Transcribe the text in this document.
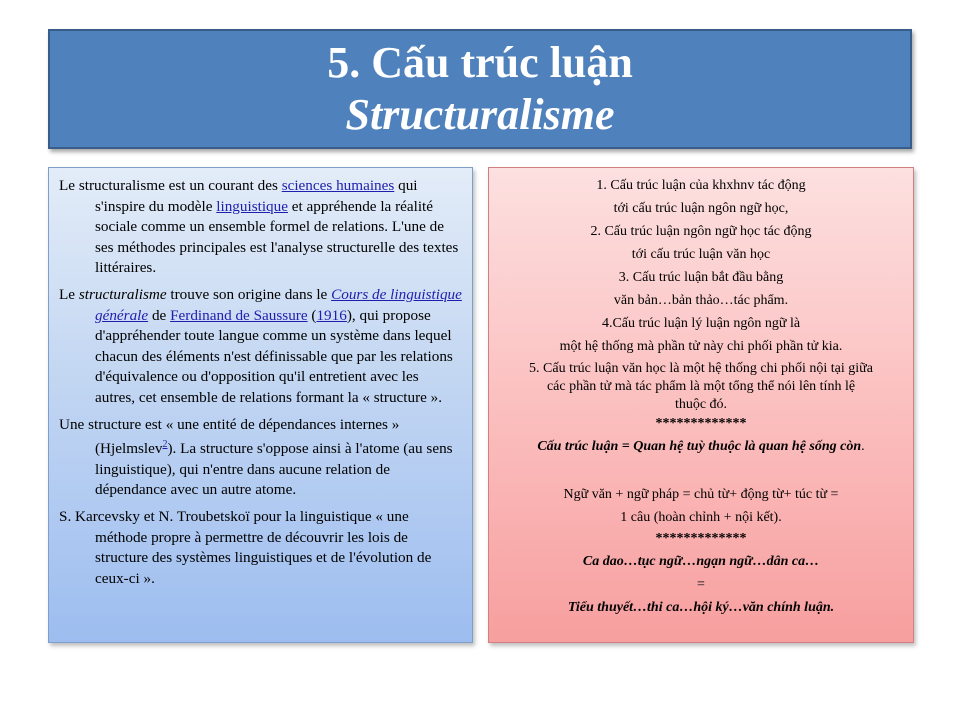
5. Cấu trúc luận
Structuralisme

Le structuralisme est un courant des sciences humaines qui s'inspire du modèle linguistique et appréhende la réalité sociale comme un ensemble formel de relations. L'une de ses méthodes principales est l'analyse structurelle des textes littéraires.

Le structuralisme trouve son origine dans le Cours de linguistique générale de Ferdinand de Saussure (1916), qui propose d'appréhender toute langue comme un système dans lequel chacun des éléments n'est définissable que par les relations d'équivalence ou d'opposition qu'il entretient avec les autres, cet ensemble de relations formant la « structure ».

Une structure est « une entité de dépendances internes » (Hjelmslev$^2$). La structure s'oppose ainsi à l'atome (au sens linguistique), qui n'entre dans aucune relation de dépendance avec un autre atome.

S. Karcevsky et N. Troubetskoï pour la linguistique « une méthode propre à permettre de découvrir les lois de structure des systèmes linguistiques et de l'évolution de ceux-ci ».

1. Cấu trúc luận của khxhnv tác động
tới cấu trúc luận ngôn ngữ học,
2. Cấu trúc luận ngôn ngữ học tác động
tới cấu trúc luận văn học
3. Cấu trúc luận bắt đầu bằng
văn bản…bản thảo…tác phẩm.
4.Cấu trúc luận lý luận ngôn ngữ là
một hệ thống mà phần tử này chi phối phần tử kia.
5. Cấu trúc luận văn học là một hệ thống chi phối nội tại giữa
các phần tử mà tác phẩm là một tổng thể nói lên tính lệ
thuộc đó.
*************
Cấu trúc luận = Quan hệ tuỳ thuộc là quan hệ sống còn.
Ngữ văn + ngữ pháp = chủ từ+ động từ+ túc từ =
1 câu (hoàn chỉnh + nội kết).
*************
Ca dao…tục ngữ…ngạn ngữ…dân ca…
=
Tiểu thuyết…thi ca…hội ký…văn chính luận.
